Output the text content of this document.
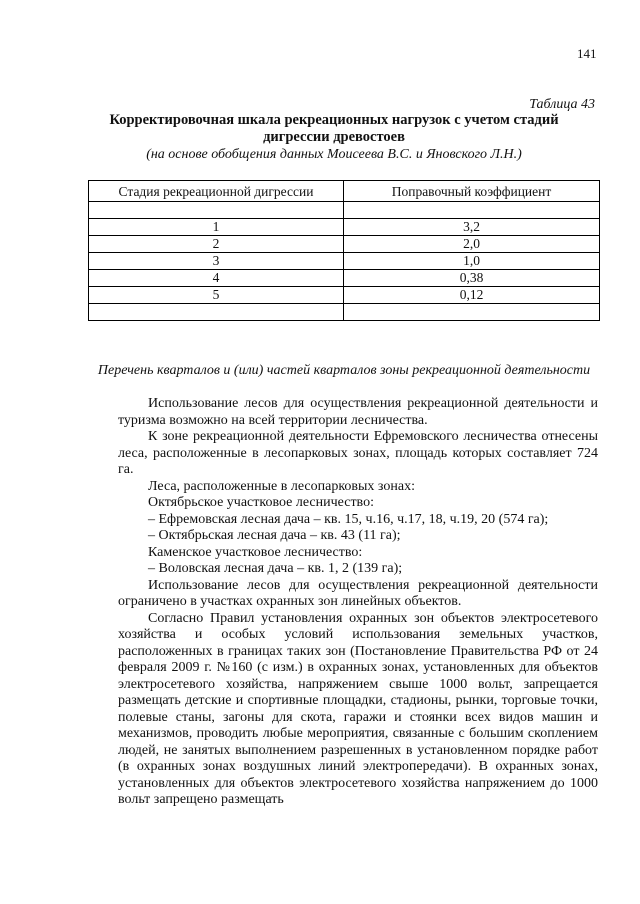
141
Таблица 43
Корректировочная шкала рекреационных нагрузок с учетом стадий дигрессии древостоев
(на основе обобщения данных Моисеева В.С. и Яновского Л.Н.)
Стадия рекреационной дигрессии	Поправочный коэффициент

1	3,2
2	2,0
3	1,0
4	0,38
5	0,12

Перечень кварталов и (или) частей кварталов зоны рекреационной деятельности

Использование лесов для осуществления рекреационной деятельности и туризма возможно на всей территории лесничества.

К зоне рекреационной деятельности Ефремовского лесничества отнесены леса, расположенные в лесопарковых зонах, площадь которых составляет 724 га.

Леса, расположенные в лесопарковых зонах:

Октябрьское участковое лесничество:

– Ефремовская лесная дача – кв. 15, ч.16, ч.17, 18, ч.19, 20 (574 га);

– Октябрьская лесная дача – кв. 43 (11 га);

Каменское участковое лесничество:

– Воловская лесная дача – кв. 1, 2 (139 га);

Использование лесов для осуществления рекреационной деятельности ограничено в участках охранных зон линейных объектов.

Согласно Правил установления охранных зон объектов электросетевого хозяйства и особых условий использования земельных участков, расположенных в границах таких зон (Постановление Правительства РФ от 24 февраля 2009 г. №160 (с изм.) в охранных зонах, установленных для объектов электросетевого хозяйства, напряжением свыше 1000 вольт, запрещается размещать детские и спортивные площадки, стадионы, рынки, торговые точки, полевые станы, загоны для скота, гаражи и стоянки всех видов машин и механизмов, проводить любые мероприятия, связанные с большим скоплением людей, не занятых выполнением разрешенных в установленном порядке работ (в охранных зонах воздушных линий электропередачи). В охранных зонах, установленных для объектов электросетевого хозяйства напряжением до 1000 вольт запрещено размещать
